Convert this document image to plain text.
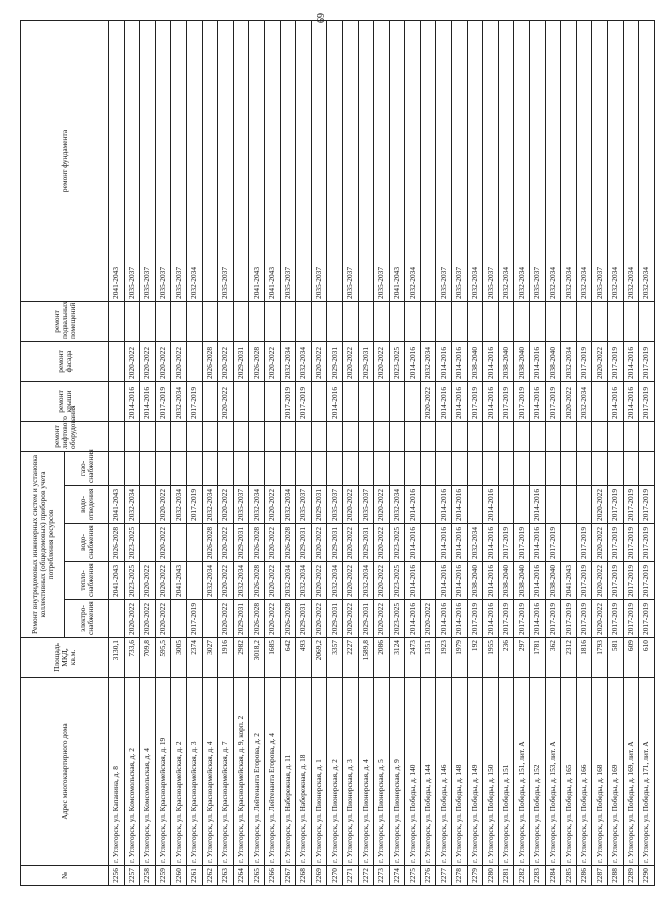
69
№	Адрес многоквартирного дома	Площадь МКД, кв.м.	Ремонт внутридомовых инженерных систем и установка коллективных (общедомовых) приборов учета потребления ресурсов					ремонт лифтового оборудования	ремонт крыши	ремонт фасада	ремонт подвальных помещений	ремонт фундамента
			электро-снабжения	тепло-снабжения	водо-снабжения	водо-отведения	газо-снабжения					
2256	г. Углегорск, ул. Капанина, д. 8	3130,1		2041-2043	2026-2028	2041-2043						2041-2043
2257	г. Углегорск, ул. Комсомольская, д. 2	733,6	2020-2022	2023-2025	2023-2025	2032-2034			2014-2016	2020-2022		2035-2037
2258	г. Углегорск, ул. Комсомольская, д. 4	709,8	2020-2022	2020-2022					2014-2016	2020-2022		2035-2037
2259	г. Углегорск, ул. Красноармейская, д. 19	595,5	2020-2022	2020-2022	2020-2022	2020-2022			2017-2019	2020-2022		2035-2037
2260	г. Углегорск, ул. Красноармейская, д. 2	3005		2041-2043		2032-2034			2032-2034	2020-2022		2035-2037
2261	г. Углегорск, ул. Красноармейская, д. 3	2374	2017-2019			2017-2019			2017-2019			2032-2034
2262	г. Углегорск, ул. Красноармейская, д. 4	3027		2032-2034	2026-2028	2032-2034				2026-2028		
2263	г. Углегорск, ул. Красноармейская, д. 7	1916	2020-2022	2020-2022	2020-2022	2020-2022			2020-2022	2020-2022		2035-2037
2264	г. Углегорск, ул. Красноармейская, д. 9, корп. 2	2982	2029-2031	2032-2034	2029-2031	2035-2037				2029-2031		
2265	г. Углегорск, ул. Лейтенанта Егорова, д. 2	3018,2	2026-2028	2026-2028	2026-2028	2032-2034				2026-2028		2041-2043
2266	г. Углегорск, ул. Лейтенанта Егорова, д. 4	1685	2020-2022	2020-2022	2020-2022	2020-2022				2020-2022		2041-2043
2267	г. Углегорск, ул. Набережная, д. 11	642	2026-2028	2032-2034	2026-2028	2032-2034			2017-2019	2032-2034		2035-2037
2268	г. Углегорск, ул. Набережная, д. 18	493	2029-2031	2032-2034	2029-2031	2035-2037			2017-2019	2032-2034		
2269	г. Углегорск, ул. Пионерская, д. 1	2069,2	2020-2022	2020-2022	2020-2022	2029-2031				2020-2022		2035-2037
2270	г. Углегорск, ул. Пионерская, д. 2	3357	2029-2031	2032-2034	2029-2031	2035-2037			2014-2016	2029-2031		
2271	г. Углегорск, ул. Пионерская, д. 3	2227	2020-2022	2020-2022	2020-2022	2020-2022				2020-2022		2035-2037
2272	г. Углегорск, ул. Пионерская, д. 4	1589,8	2029-2031	2032-2034	2029-2031	2035-2037				2029-2031		
2273	г. Углегорск, ул. Пионерская, д. 5	2086	2020-2022	2020-2022	2020-2022	2020-2022				2020-2022		2035-2037
2274	г. Углегорск, ул. Пионерская, д. 9	3124	2023-2025	2023-2025	2023-2025	2032-2034				2023-2025		2041-2043
2275	г. Углегорск, ул. Победы, д. 140	2473	2014-2016	2014-2016	2014-2016	2014-2016				2014-2016		2032-2034
2276	г. Углегорск, ул. Победы, д. 144	1351	2020-2022						2020-2022	2032-2034		
2277	г. Углегорск, ул. Победы, д. 146	1923	2014-2016	2014-2016	2014-2016	2014-2016			2014-2016	2014-2016		2035-2037
2278	г. Углегорск, ул. Победы, д. 148	1979	2014-2016	2014-2016	2014-2016	2014-2016			2014-2016	2014-2016		2035-2037
2279	г. Углегорск, ул. Победы, д. 149	192	2017-2019	2038-2040	2032-2034				2017-2019	2038-2040		2032-2034
2280	г. Углегорск, ул. Победы, д. 150	1955	2014-2016	2014-2016	2014-2016	2014-2016			2014-2016	2014-2016		2035-2037
2281	г. Углегорск, ул. Победы, д. 151	236	2017-2019	2038-2040	2017-2019				2017-2019	2038-2040		2032-2034
2282	г. Углегорск, ул. Победы, д. 151, лит. А	297	2017-2019	2038-2040	2017-2019				2017-2019	2038-2040		2032-2034
2283	г. Углегорск, ул. Победы, д. 152	1781	2014-2016	2014-2016	2014-2016	2014-2016			2014-2016	2014-2016		2035-2037
2284	г. Углегорск, ул. Победы, д. 153, лит. А	362	2017-2019	2038-2040	2017-2019				2017-2019	2038-2040		2032-2034
2285	г. Углегорск, ул. Победы, д. 165	2312	2017-2019	2041-2043					2020-2022	2032-2034		2032-2034
2286	г. Углегорск, ул. Победы, д. 166	1816	2017-2019	2017-2019	2017-2019				2032-2034	2017-2019		2032-2034
2287	г. Углегорск, ул. Победы, д. 168	1793	2020-2022	2020-2022	2020-2022	2020-2022				2020-2022		2035-2037
2288	г. Углегорск, ул. Победы, д. 169	581	2017-2019	2017-2019	2017-2019	2017-2019			2014-2016	2017-2019		2032-2034
2289	г. Углегорск, ул. Победы, д. 169, лит. А	609	2017-2019	2017-2019	2017-2019	2017-2019			2014-2016	2014-2016		2032-2034
2290	г. Углегорск, ул. Победы, д. 171, лит. А	610	2017-2019	2017-2019	2017-2019	2017-2019			2017-2019	2017-2019		2032-2034
